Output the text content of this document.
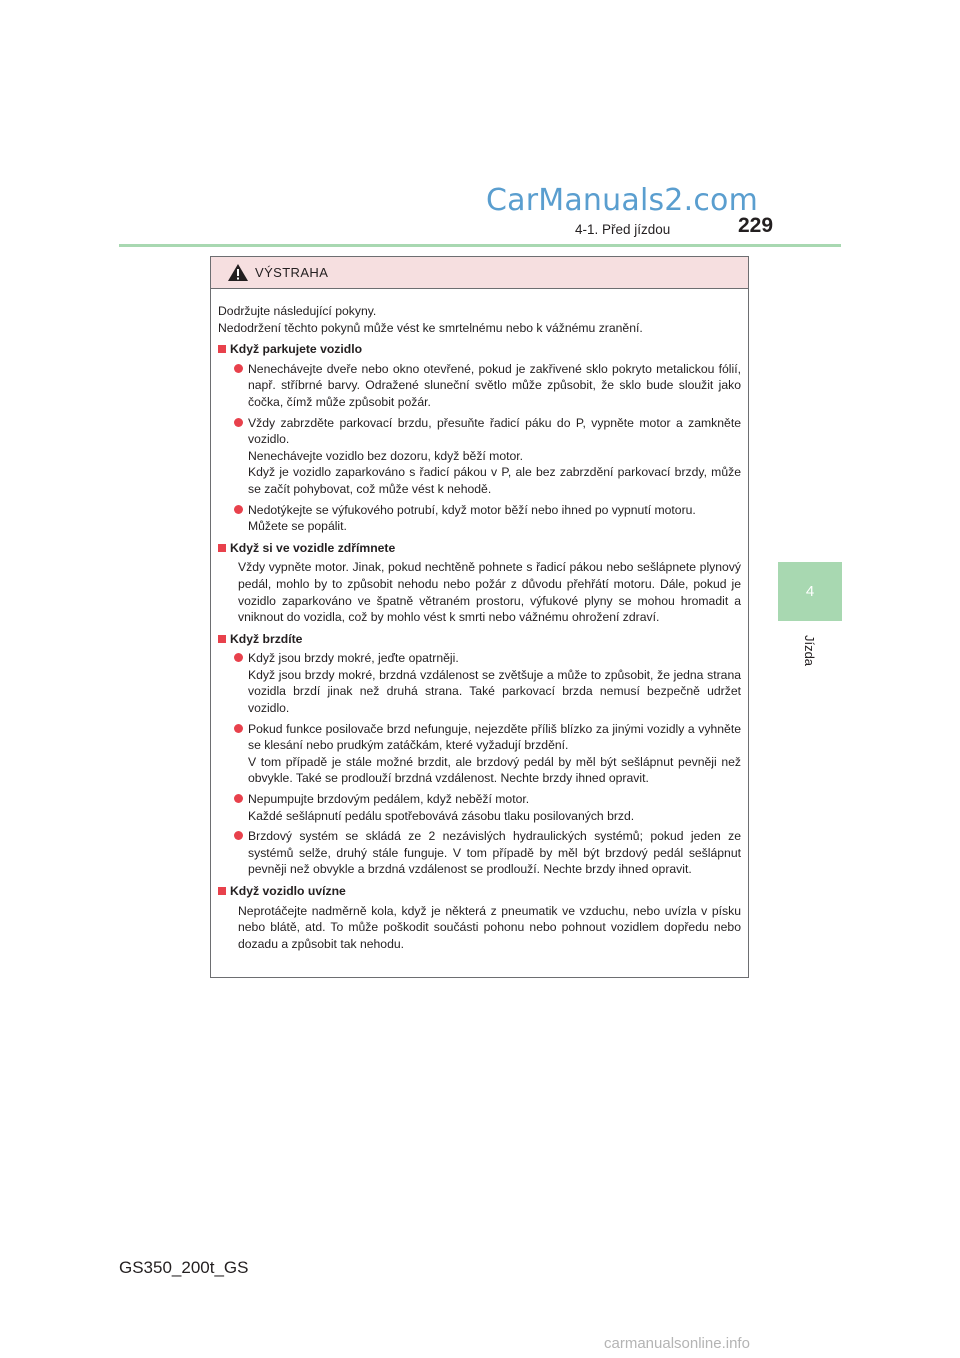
CarManuals2.com
4-1. Před jízdou	229
4
Jízda
VÝSTRAHA

Dodržujte následující pokyny.

Nedodržení těchto pokynů může vést ke smrtelnému nebo k vážnému zranění.

Když parkujete vozidlo

Nenechávejte dveře nebo okno otevřené, pokud je zakřivené sklo pokryto metalickou fólií, např. stříbrné barvy. Odražené sluneční světlo může způsobit, že sklo bude sloužit jako čočka, čímž může způsobit požár.

Vždy zabrzděte parkovací brzdu, přesuňte řadicí páku do P, vypněte motor a zamkněte vozidlo.

Nenechávejte vozidlo bez dozoru, když běží motor.

Když je vozidlo zaparkováno s řadicí pákou v P, ale bez zabrzdění parkovací brzdy, může se začít pohybovat, což může vést k nehodě.

Nedotýkejte se výfukového potrubí, když motor běží nebo ihned po vypnutí motoru.

Můžete se popálit.

Když si ve vozidle zdřímnete

Vždy vypněte motor. Jinak, pokud nechtěně pohnete s řadicí pákou nebo sešlápnete plynový pedál, mohlo by to způsobit nehodu nebo požár z důvodu přehřátí motoru. Dále, pokud je vozidlo zaparkováno ve špatně větraném prostoru, výfukové plyny se mohou hromadit a vniknout do vozidla, což by mohlo vést k smrti nebo vážnému ohrožení zdraví.

Když brzdíte

Když jsou brzdy mokré, jeďte opatrněji.

Když jsou brzdy mokré, brzdná vzdálenost se zvětšuje a může to způsobit, že jedna strana vozidla brzdí jinak než druhá strana. Také parkovací brzda nemusí bezpečně udržet vozidlo.

Pokud funkce posilovače brzd nefunguje, nejezděte příliš blízko za jinými vozidly a vyhněte se klesání nebo prudkým zatáčkám, které vyžadují brzdění.

V tom případě je stále možné brzdit, ale brzdový pedál by měl být sešlápnut pevněji než obvykle. Také se prodlouží brzdná vzdálenost. Nechte brzdy ihned opravit.

Nepumpujte brzdovým pedálem, když neběží motor.

Každé sešlápnutí pedálu spotřebovává zásobu tlaku posilovaných brzd.

Brzdový systém se skládá ze 2 nezávislých hydraulických systémů; pokud jeden ze systémů selže, druhý stále funguje. V tom případě by měl být brzdový pedál sešlápnut pevněji než obvykle a brzdná vzdálenost se prodlouží. Nechte brzdy ihned opravit.

Když vozidlo uvízne

Neprotáčejte nadměrně kola, když je některá z pneumatik ve vzduchu, nebo uvízla v písku nebo blátě, atd. To může poškodit součásti pohonu nebo pohnout vozidlem dopředu nebo dozadu a způsobit tak nehodu.

GS350_200t_GS
carmanualsonline.info
